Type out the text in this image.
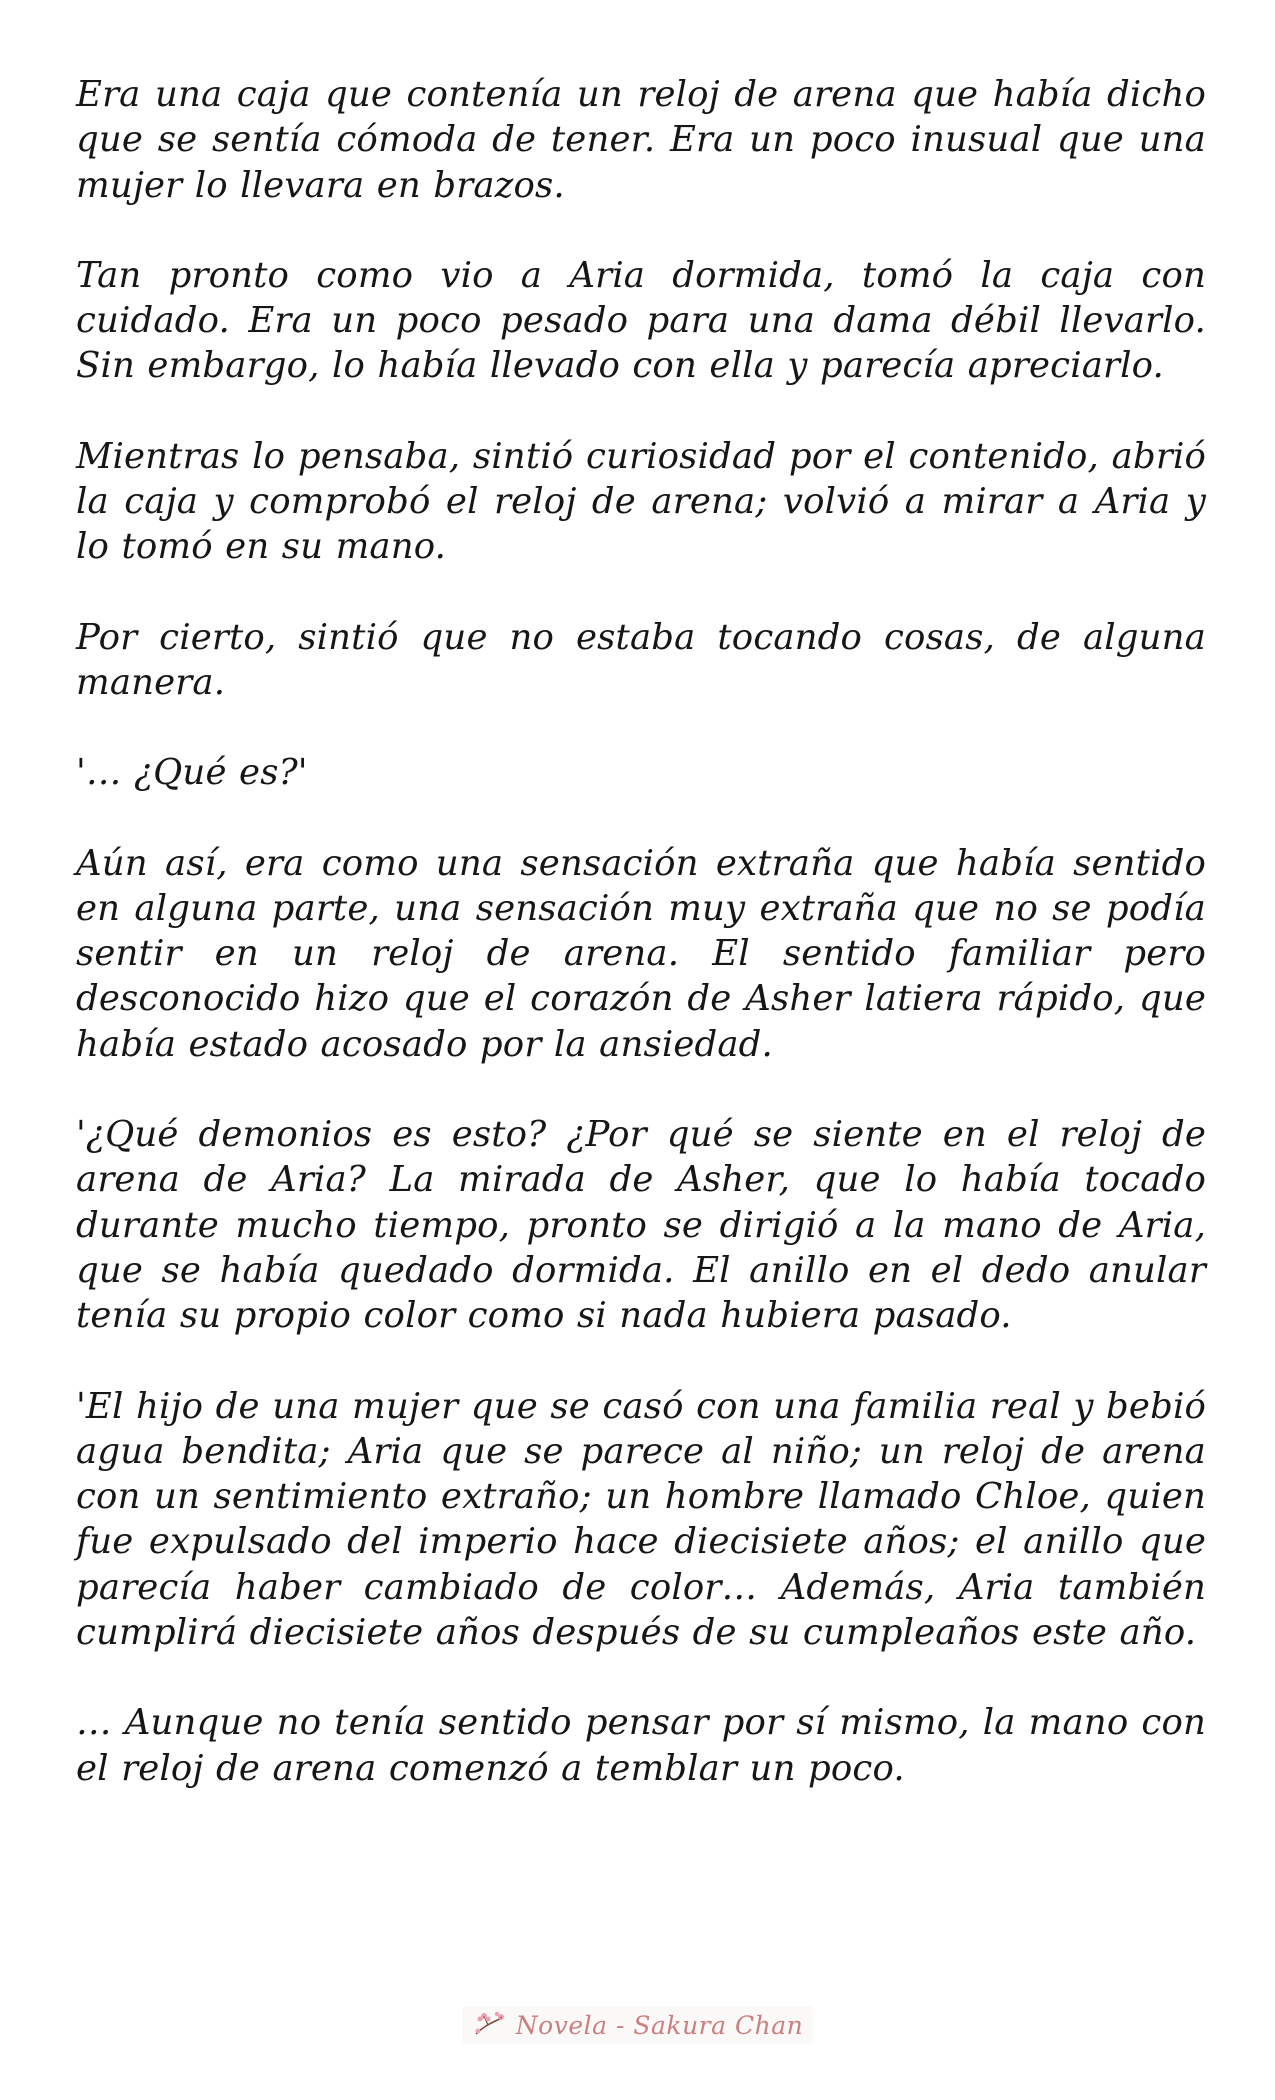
Era una caja que contenía un reloj de arena que había dicho que se sentía cómoda de tener. Era un poco inusual que una mujer lo llevara en brazos.

Tan pronto como vio a Aria dormida, tomó la caja con cuidado. Era un poco pesado para una dama débil llevarlo. Sin embargo, lo había llevado con ella y parecía apreciarlo.

Mientras lo pensaba, sintió curiosidad por el contenido, abrió la caja y comprobó el reloj de arena; volvió a mirar a Aria y lo tomó en su mano.

Por cierto, sintió que no estaba tocando cosas, de alguna manera.

'… ¿Qué es?'

Aún así, era como una sensación extraña que había sentido en alguna parte, una sensación muy extraña que no se podía sentir en un reloj de arena. El sentido familiar pero desconocido hizo que el corazón de Asher latiera rápido, que había estado acosado por la ansiedad.

'¿Qué demonios es esto? ¿Por qué se siente en el reloj de arena de Aria? La mirada de Asher, que lo había tocado durante mucho tiempo, pronto se dirigió a la mano de Aria, que se había quedado dormida. El anillo en el dedo anular tenía su propio color como si nada hubiera pasado.

'El hijo de una mujer que se casó con una familia real y bebió agua bendita; Aria que se parece al niño; un reloj de arena con un sentimiento extraño; un hombre llamado Chloe, quien fue expulsado del imperio hace diecisiete años; el anillo que parecía haber cambiado de color… Además, Aria también cumplirá diecisiete años después de su cumpleaños este año.

… Aunque no tenía sentido pensar por sí mismo, la mano con el reloj de arena comenzó a temblar un poco.

Novela - Sakura Chan
